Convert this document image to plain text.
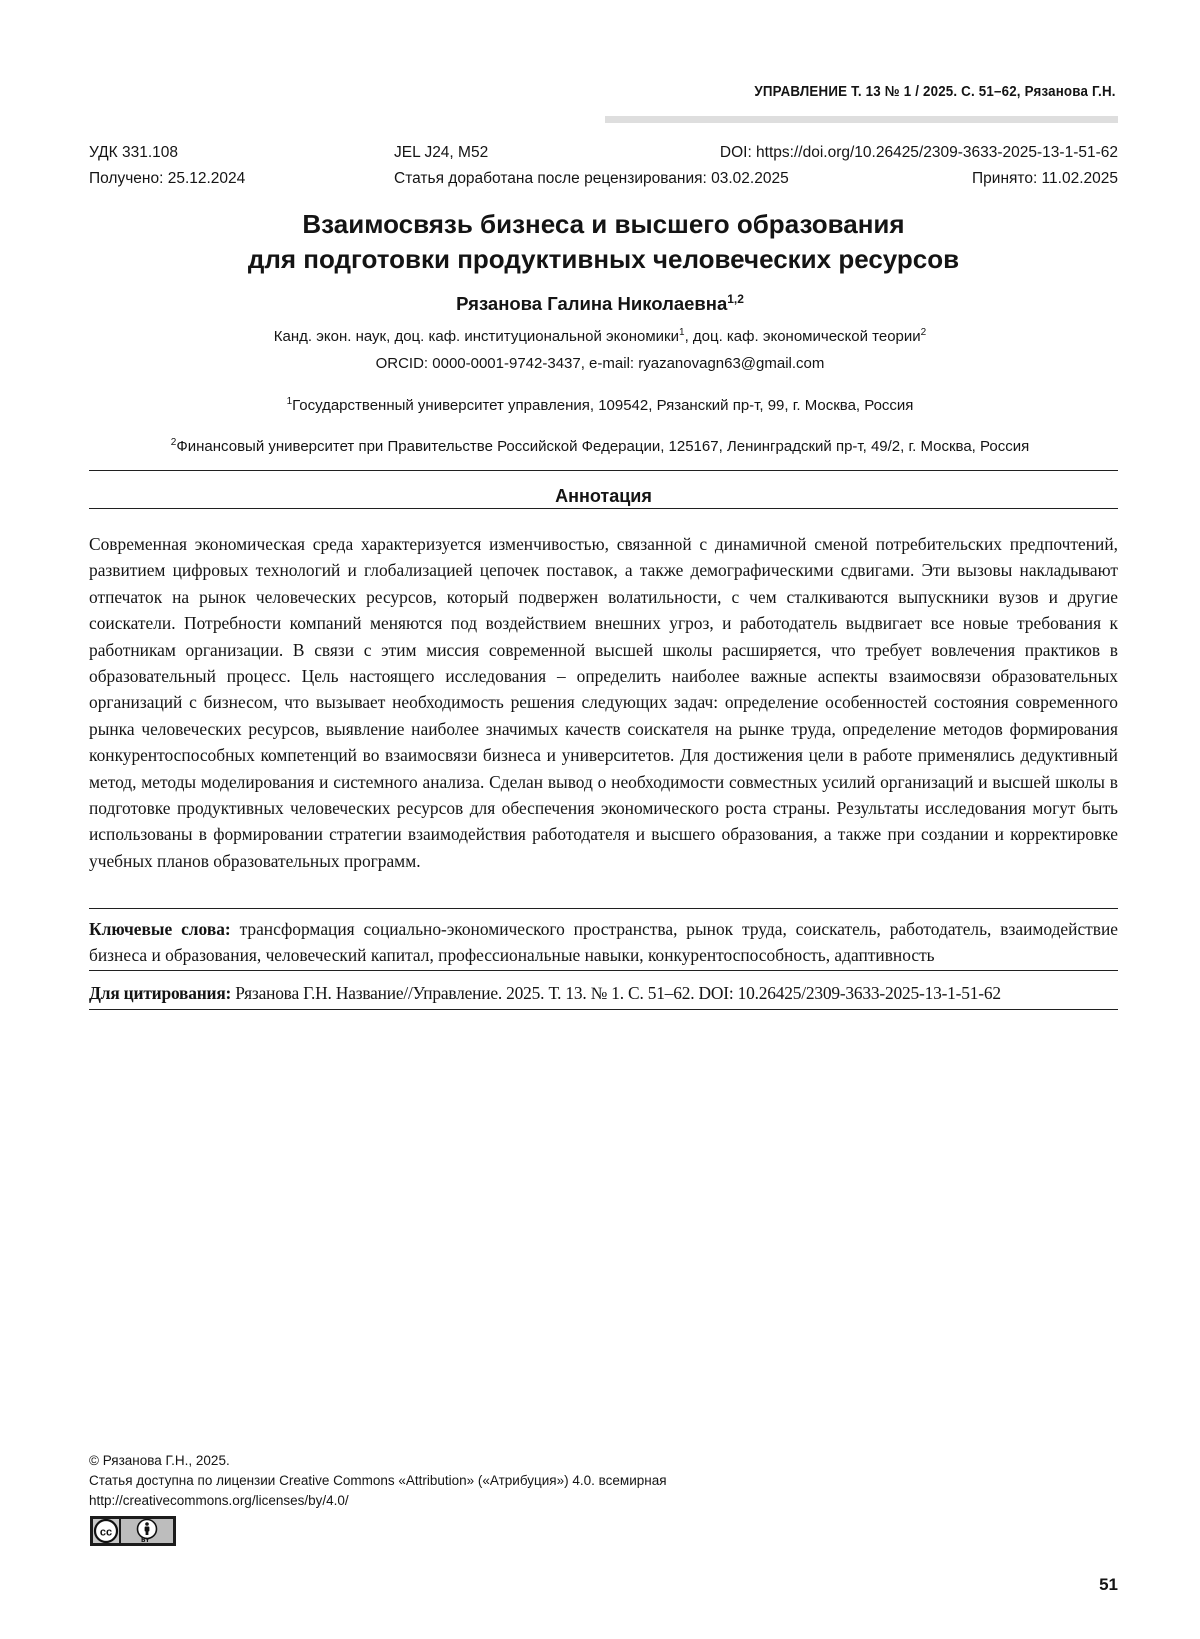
УПРАВЛЕНИЕ Т. 13 № 1 / 2025. С. 51–62, Рязанова Г.Н.
УДК 331.108	JEL J24, M52	DOI: https://doi.org/10.26425/2309-3633-2025-13-1-51-62
Получено: 25.12.2024	Статья доработана после рецензирования: 03.02.2025	Принято: 11.02.2025
Взаимосвязь бизнеса и высшего образования
для подготовки продуктивных человеческих ресурсов
Рязанова Галина Николаевна$^{1,2}$
Канд. экон. наук, доц. каф. институциональной экономики$^1$, доц. каф. экономической теории$^2$
ORCID: 0000-0001-9742-3437, e-mail: ryazanovagn63@gmail.com
$^1$Государственный университет управления, 109542, Рязанский пр-т, 99, г. Москва, Россия
$^2$Финансовый университет при Правительстве Российской Федерации, 125167, Ленинградский пр-т, 49/2, г. Москва, Россия
Аннотация
Современная экономическая среда характеризуется изменчивостью, связанной с динамичной сменой потребительских предпочтений, развитием цифровых технологий и глобализацией цепочек поставок, а также демографическими сдвигами. Эти вызовы накладывают отпечаток на рынок человеческих ресурсов, который подвержен волатильности, с чем сталкиваются выпускники вузов и другие соискатели. Потребности компаний меняются под воздействием внешних угроз, и работодатель выдвигает все новые требования к работникам организации. В связи с этим миссия современной высшей школы расширяется, что требует вовлечения практиков в образовательный процесс. Цель настоящего исследования – определить наиболее важные аспекты взаимосвязи образовательных организаций с бизнесом, что вызывает необходимость решения следующих задач: определение особенностей состояния современного рынка человеческих ресурсов, выявление наиболее значимых качеств соискателя на рынке труда, определение методов формирования конкурентоспособных компетенций во взаимосвязи бизнеса и университетов. Для достижения цели в работе применялись дедуктивный метод, методы моделирования и системного анализа. Сделан вывод о необходимости совместных усилий организаций и высшей школы в подготовке продуктивных человеческих ресурсов для обеспечения экономического роста страны. Результаты исследования могут быть использованы в формировании стратегии взаимодействия работодателя и высшего образования, а также при создании и корректировке учебных планов образовательных программ.
Ключевые слова: трансформация социально-экономического пространства, рынок труда, соискатель, работодатель, взаимодействие бизнеса и образования, человеческий капитал, профессиональные навыки, конкурентоспособность, адаптивность
Для цитирования: Рязанова Г.Н. Название//Управление. 2025. Т. 13. № 1. С. 51–62. DOI: 10.26425/2309-3633-2025-13-1-51-62
© Рязанова Г.Н., 2025.
Статья доступна по лицензии Creative Commons «Attribution» («Атрибуция») 4.0. всемирная
http://creativecommons.org/licenses/by/4.0/
cc
BY
51
